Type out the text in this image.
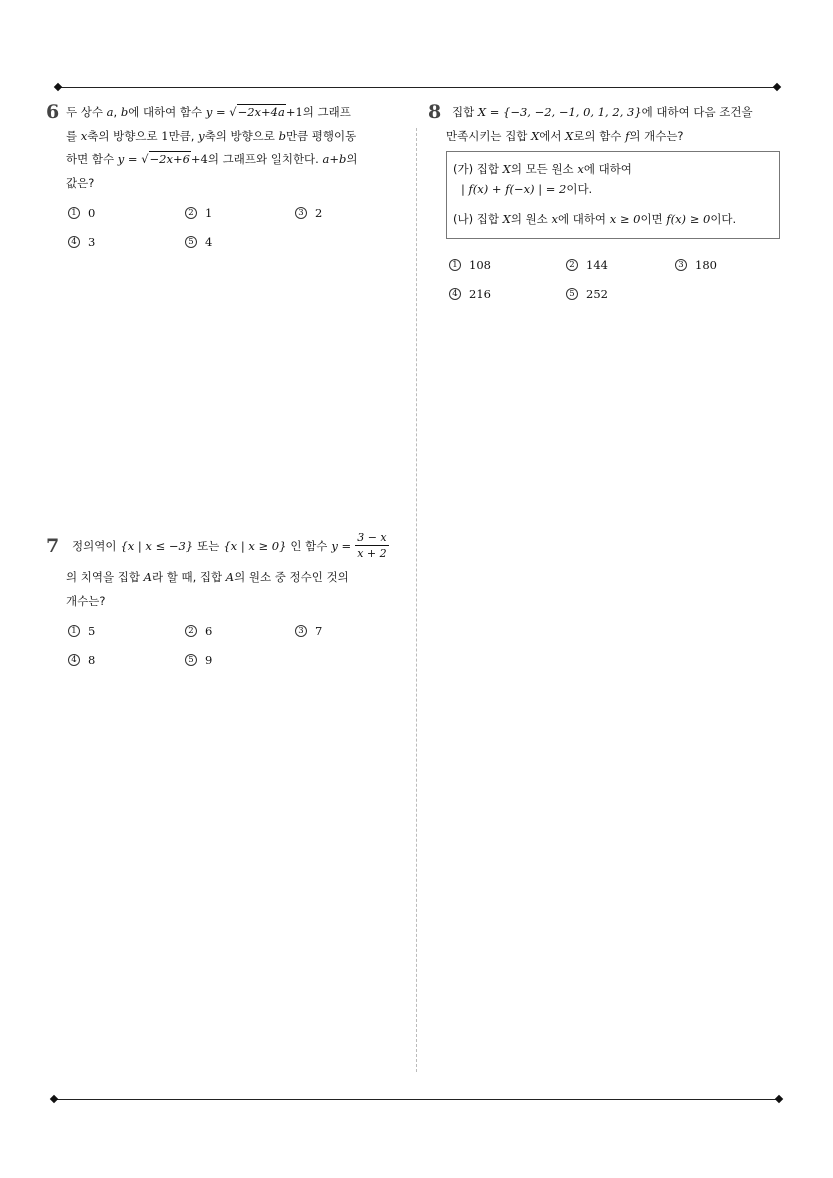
6 두 상수 a, b에 대하여 함수 y = √−2x+4a+1의 그래프
를 x축의 방향으로 1만큼, y축의 방향으로 b만큼 평행이동
하면 함수 y = √−2x+6+4의 그래프와 일치한다. a+b의
값은?
1 0	2 1	3 2
4 3	5 4
7 정의역이 {x | x ≤ −3} 또는 {x | x ≥ 0} 인 함수 $y = \frac{3 - x}{x + 2}$
의 치역을 집합 A라 할 때, 집합 A의 원소 중 정수인 것의
개수는?
1 5	2 6	3 7
4 8	5 9
8 집합 X = {−3, −2, −1, 0, 1, 2, 3}에 대하여 다음 조건을
만족시키는 집합 X에서 X로의 함수 f의 개수는?
(가) 집합 X의 모든 원소 x에 대하여
| f(x) + f(−x) | = 2이다.
(나) 집합 X의 원소 x에 대하여 x ≥ 0이면 f(x) ≥ 0이다.
1 108	2 144	3 180
4 216	5 252
